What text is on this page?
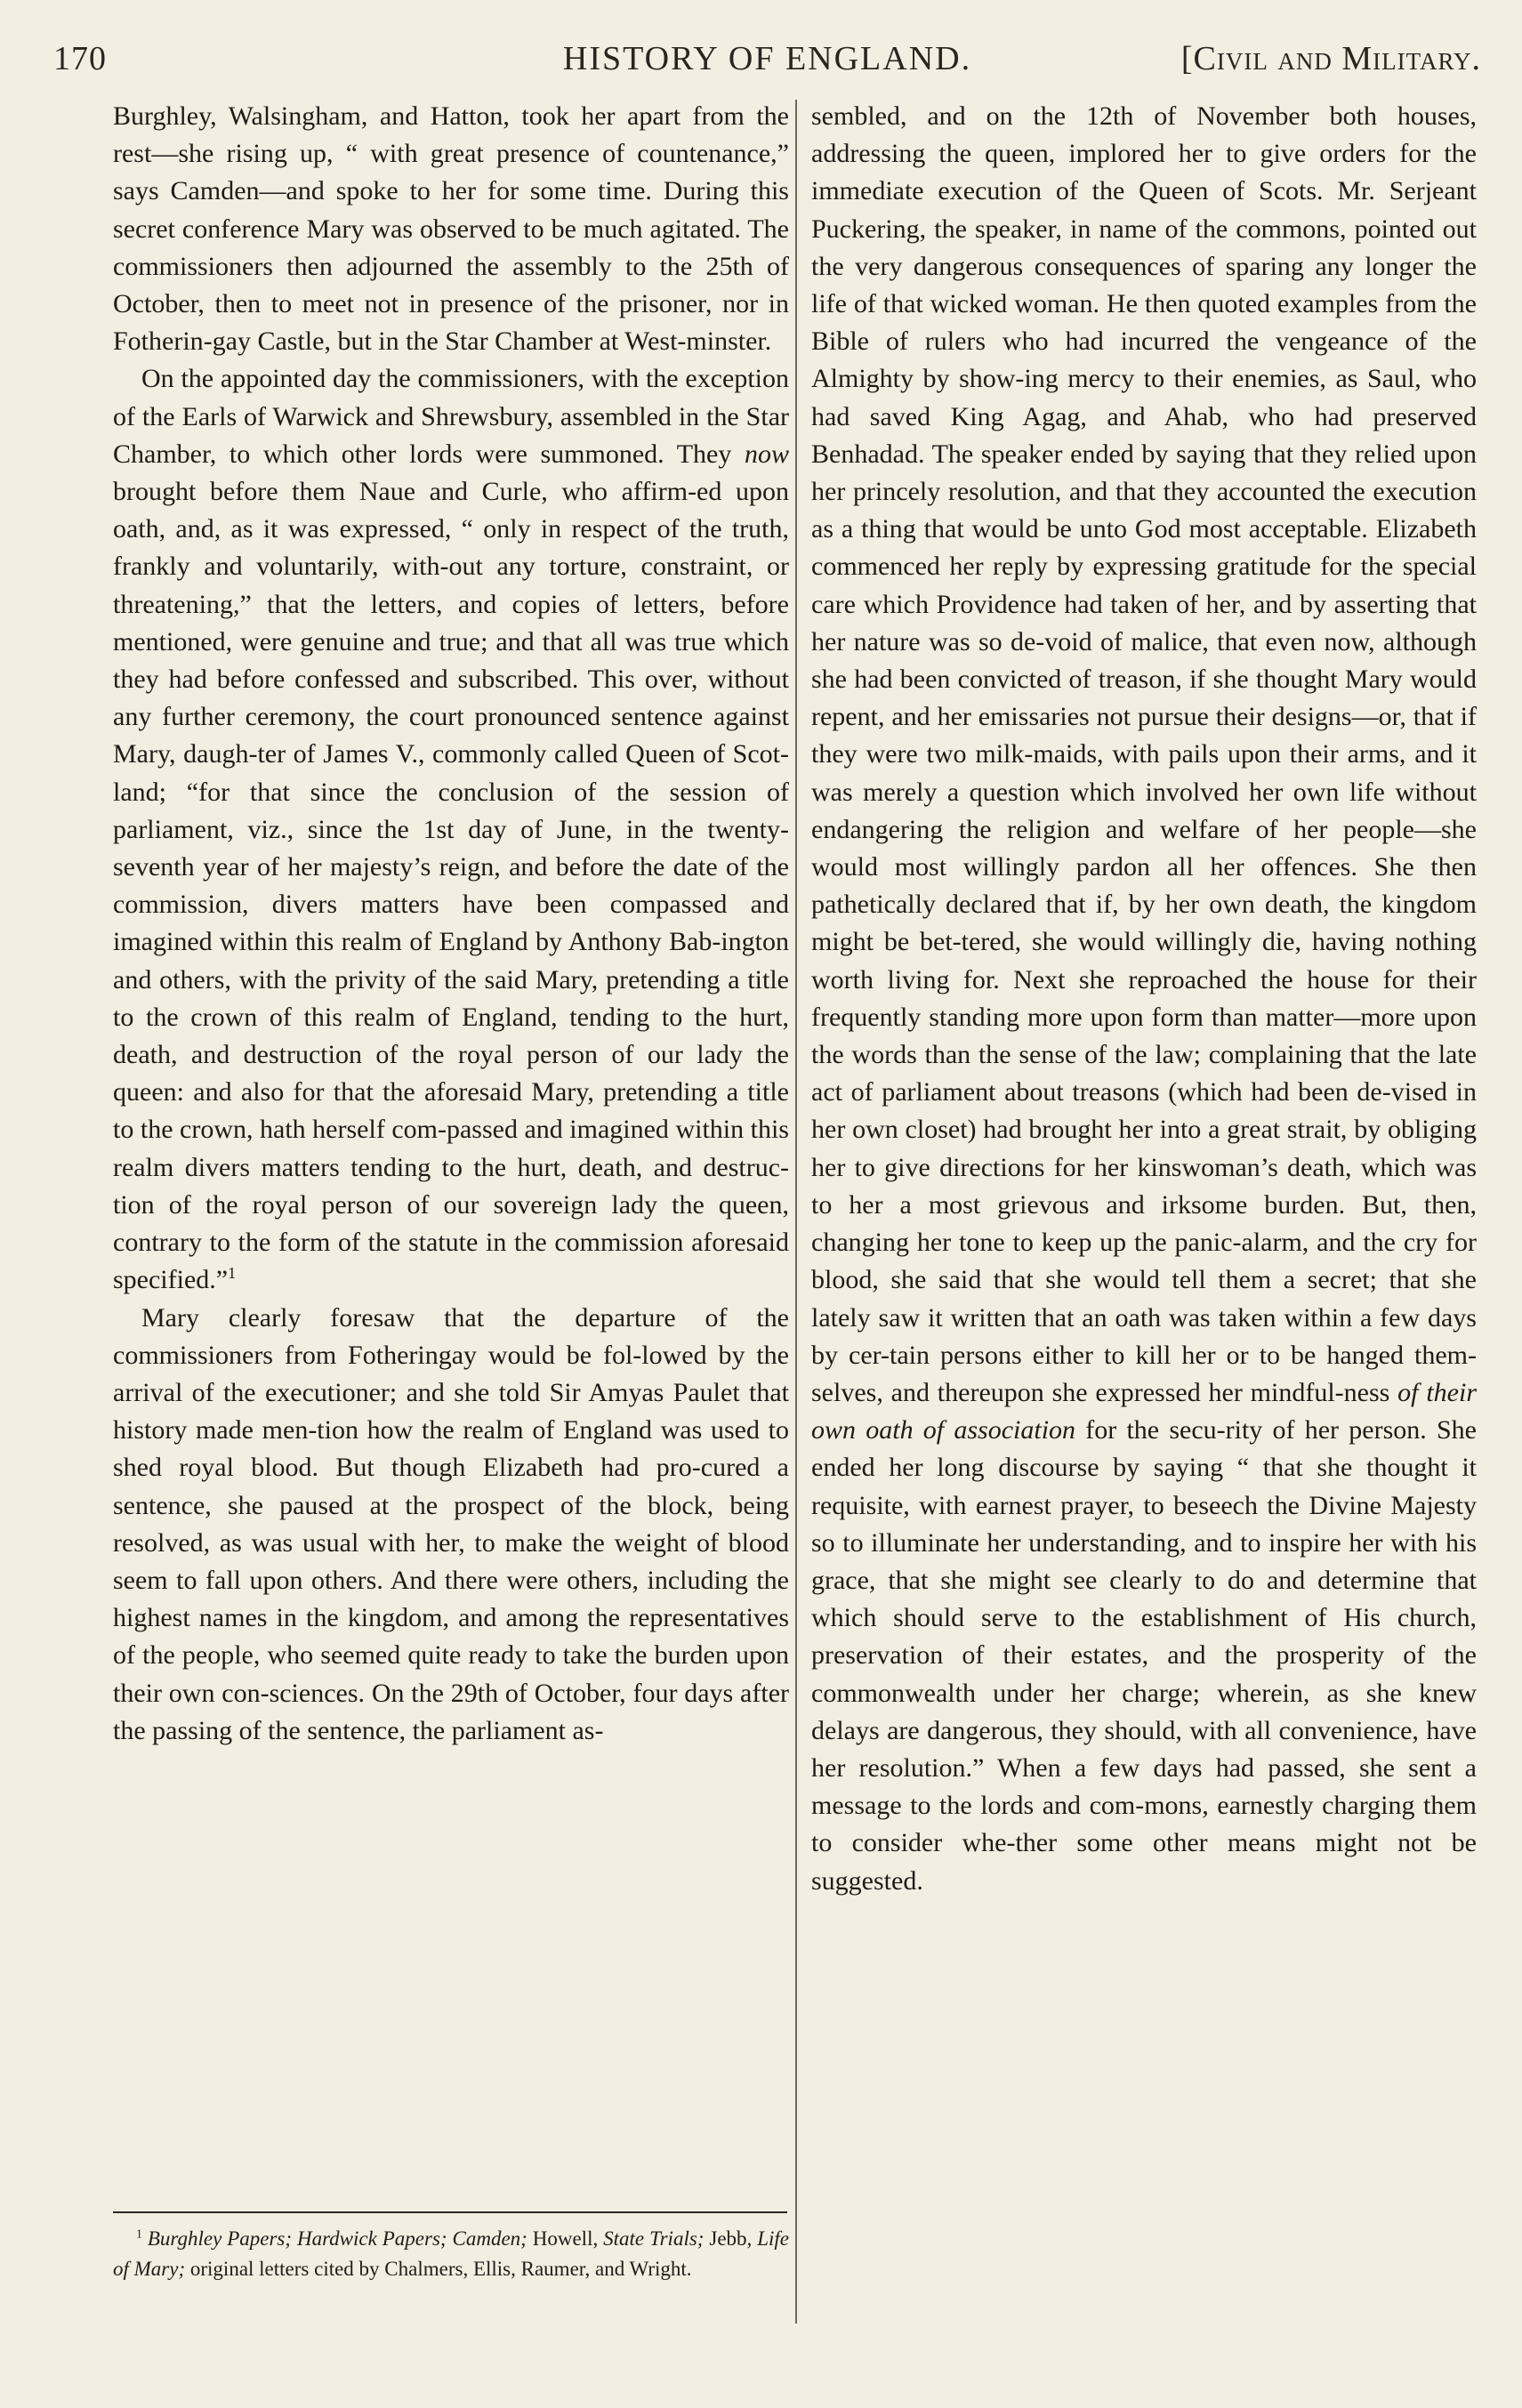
170	HISTORY OF ENGLAND.	[Civil and Military.

Burghley, Walsingham, and Hatton, took her apart from the rest—she rising up, “ with great presence of countenance,” says Camden—and spoke to her for some time. During this secret conference Mary was observed to be much agitated. The commissioners then adjourned the assembly to the 25th of October, then to meet not in presence of the prisoner, nor in Fotherin-gay Castle, but in the Star Chamber at West-minster.

On the appointed day the commissioners, with the exception of the Earls of Warwick and Shrewsbury, assembled in the Star Chamber, to which other lords were summoned. They now brought before them Naue and Curle, who affirm-ed upon oath, and, as it was expressed, “ only in respect of the truth, frankly and voluntarily, with-out any torture, constraint, or threatening,” that the letters, and copies of letters, before mentioned, were genuine and true; and that all was true which they had before confessed and subscribed. This over, without any further ceremony, the court pronounced sentence against Mary, daugh-ter of James V., commonly called Queen of Scot-land; “for that since the conclusion of the session of parliament, viz., since the 1st day of June, in the twenty-seventh year of her majesty’s reign, and before the date of the commission, divers matters have been compassed and imagined within this realm of England by Anthony Bab-ington and others, with the privity of the said Mary, pretending a title to the crown of this realm of England, tending to the hurt, death, and destruction of the royal person of our lady the queen: and also for that the aforesaid Mary, pretending a title to the crown, hath herself com-passed and imagined within this realm divers matters tending to the hurt, death, and destruc-tion of the royal person of our sovereign lady the queen, contrary to the form of the statute in the commission aforesaid specified.”$^1$

Mary clearly foresaw that the departure of the commissioners from Fotheringay would be fol-lowed by the arrival of the executioner; and she told Sir Amyas Paulet that history made men-tion how the realm of England was used to shed royal blood. But though Elizabeth had pro-cured a sentence, she paused at the prospect of the block, being resolved, as was usual with her, to make the weight of blood seem to fall upon others. And there were others, including the highest names in the kingdom, and among the representatives of the people, who seemed quite ready to take the burden upon their own con-sciences. On the 29th of October, four days after the passing of the sentence, the parliament as-

sembled, and on the 12th of November both houses, addressing the queen, implored her to give orders for the immediate execution of the Queen of Scots. Mr. Serjeant Puckering, the speaker, in name of the commons, pointed out the very dangerous consequences of sparing any longer the life of that wicked woman. He then quoted examples from the Bible of rulers who had incurred the vengeance of the Almighty by show-ing mercy to their enemies, as Saul, who had saved King Agag, and Ahab, who had preserved Benhadad. The speaker ended by saying that they relied upon her princely resolution, and that they accounted the execution as a thing that would be unto God most acceptable. Elizabeth commenced her reply by expressing gratitude for the special care which Providence had taken of her, and by asserting that her nature was so de-void of malice, that even now, although she had been convicted of treason, if she thought Mary would repent, and her emissaries not pursue their designs—or, that if they were two milk-maids, with pails upon their arms, and it was merely a question which involved her own life without endangering the religion and welfare of her people—she would most willingly pardon all her offences. She then pathetically declared that if, by her own death, the kingdom might be bet-tered, she would willingly die, having nothing worth living for. Next she reproached the house for their frequently standing more upon form than matter—more upon the words than the sense of the law; complaining that the late act of parliament about treasons (which had been de-vised in her own closet) had brought her into a great strait, by obliging her to give directions for her kinswoman’s death, which was to her a most grievous and irksome burden. But, then, changing her tone to keep up the panic-alarm, and the cry for blood, she said that she would tell them a secret; that she lately saw it written that an oath was taken within a few days by cer-tain persons either to kill her or to be hanged them-selves, and thereupon she expressed her mindful-ness of their own oath of association for the secu-rity of her person. She ended her long discourse by saying “ that she thought it requisite, with earnest prayer, to beseech the Divine Majesty so to illuminate her understanding, and to inspire her with his grace, that she might see clearly to do and determine that which should serve to the establishment of His church, preservation of their estates, and the prosperity of the commonwealth under her charge; wherein, as she knew delays are dangerous, they should, with all convenience, have her resolution.” When a few days had passed, she sent a message to the lords and com-mons, earnestly charging them to consider whe-ther some other means might not be suggested.

$^1$ Burghley Papers; Hardwick Papers; Camden; Howell, State Trials; Jebb, Life of Mary; original letters cited by Chalmers, Ellis, Raumer, and Wright.
